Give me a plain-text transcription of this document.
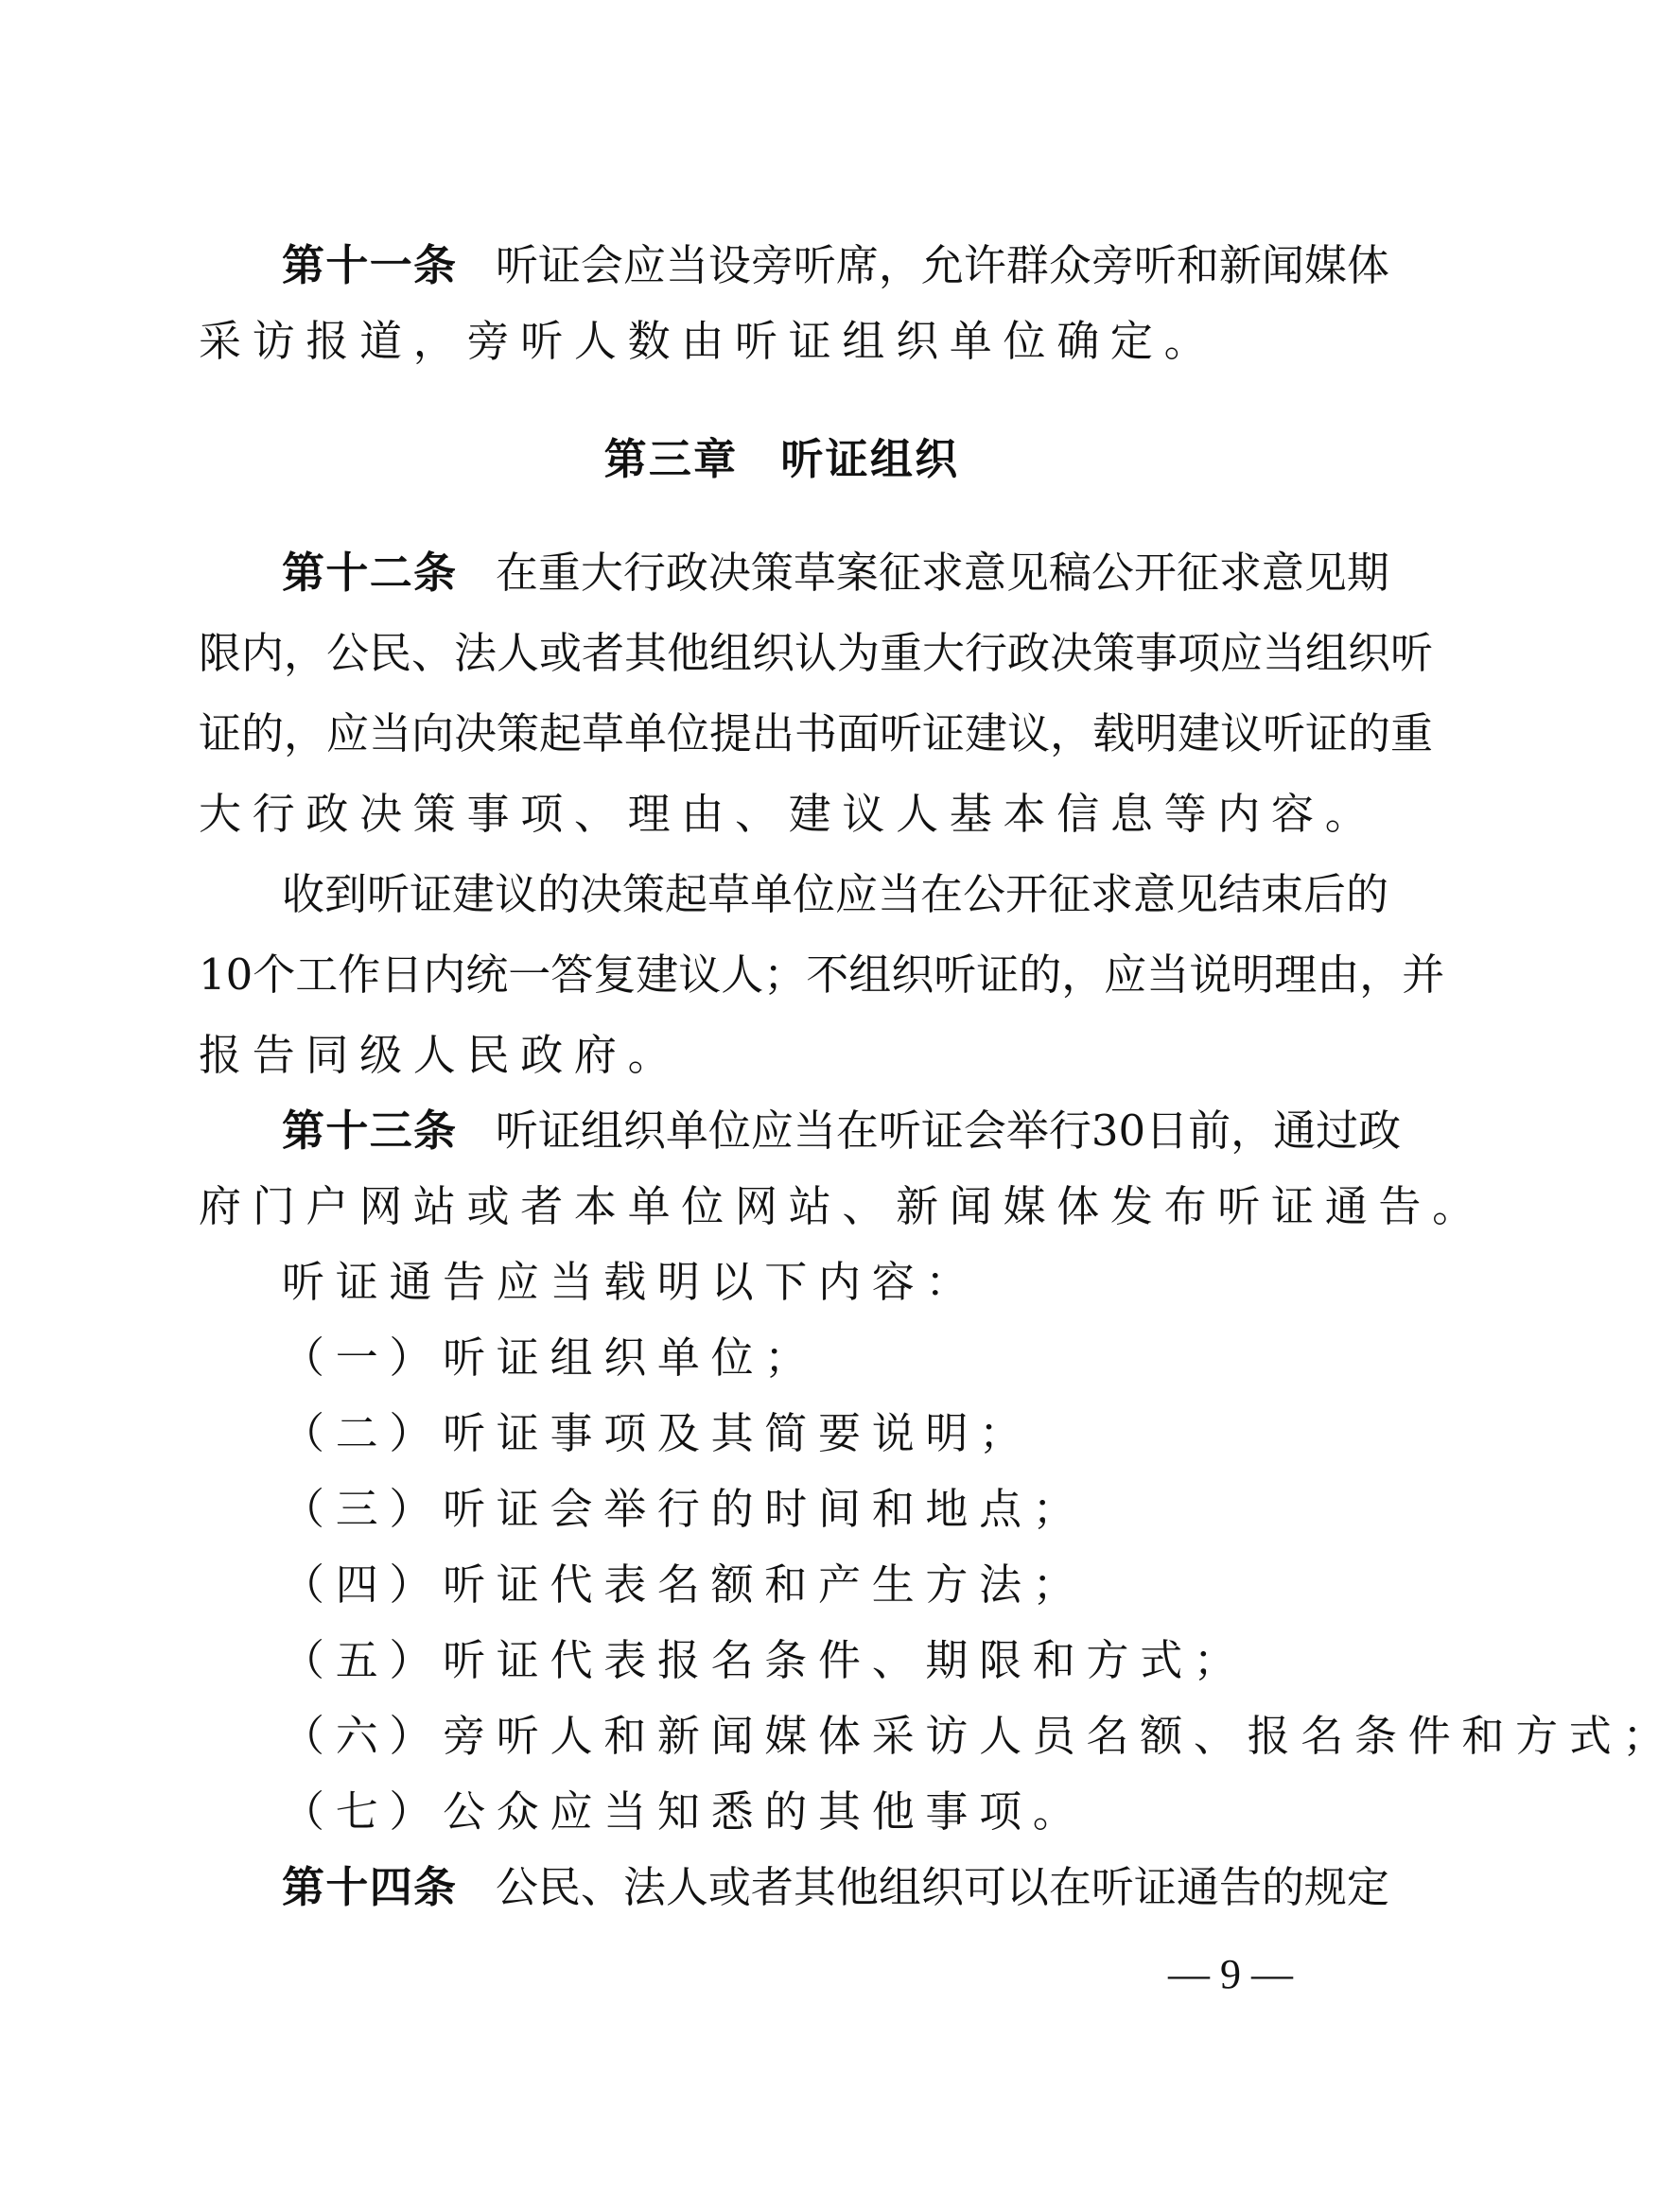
第十一条 听证会应当设旁听席，允许群众旁听和新闻媒体
采访报道，旁听人数由听证组织单位确定。
第三章 听证组织
第十二条 在重大行政决策草案征求意见稿公开征求意见期
限内，公民、法人或者其他组织认为重大行政决策事项应当组织听
证的，应当向决策起草单位提出书面听证建议，载明建议听证的重
大行政决策事项、理由、建议人基本信息等内容。
收到听证建议的决策起草单位应当在公开征求意见结束后的
10个工作日内统一答复建议人；不组织听证的，应当说明理由，并
报告同级人民政府。
第十三条 听证组织单位应当在听证会举行30日前，通过政
府门户网站或者本单位网站、新闻媒体发布听证通告。
听证通告应当载明以下内容：
（一）听证组织单位；
（二）听证事项及其简要说明；
（三）听证会举行的时间和地点；
（四）听证代表名额和产生方法；
（五）听证代表报名条件、期限和方式；
（六）旁听人和新闻媒体采访人员名额、报名条件和方式；
（七）公众应当知悉的其他事项。
第十四条 公民、法人或者其他组织可以在听证通告的规定
— 9 —
